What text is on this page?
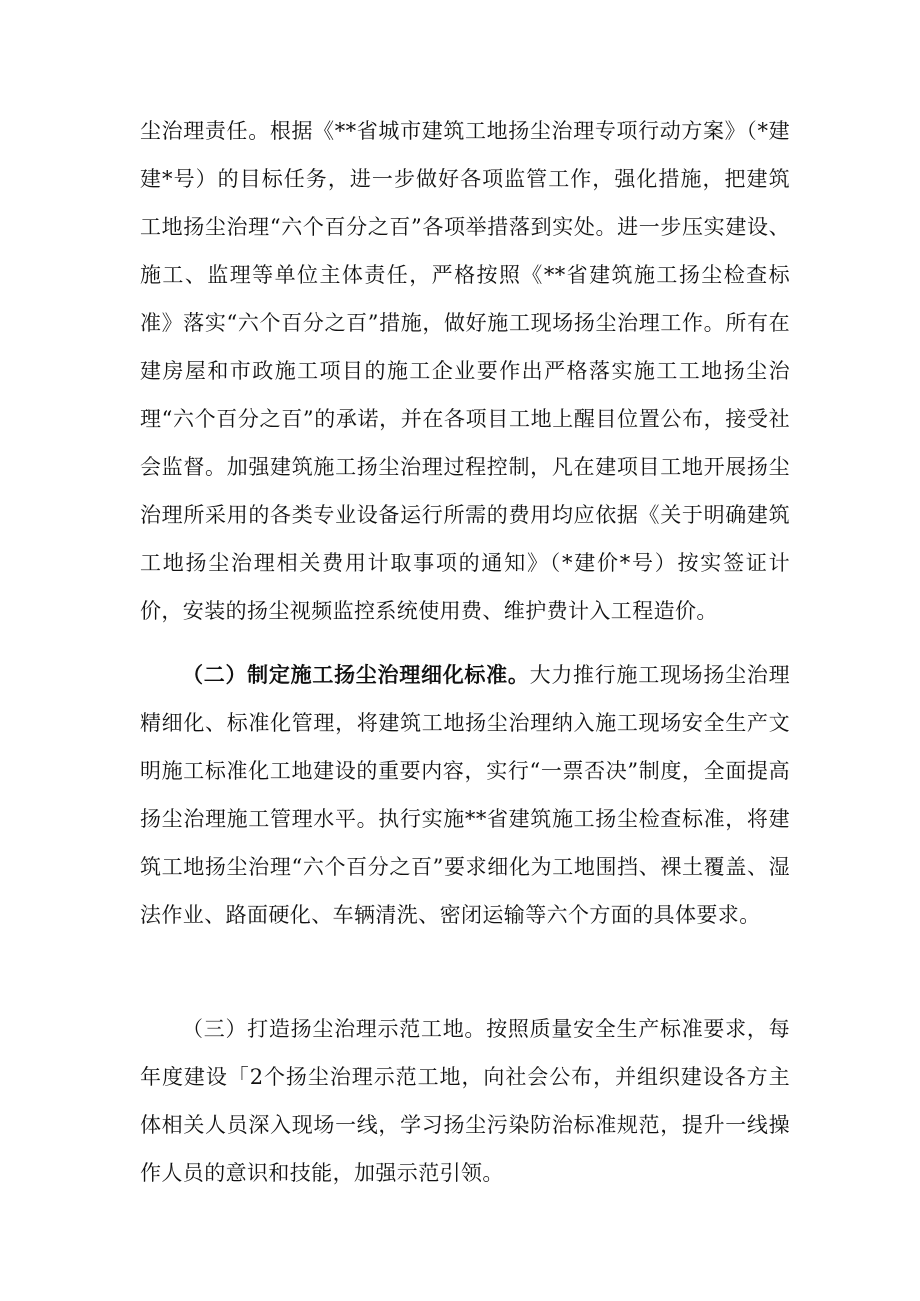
尘治理责任。根据《**省城市建筑工地扬尘治理专项行动方案》（*建建*号）的目标任务，进一步做好各项监管工作，强化措施，把建筑工地扬尘治理“六个百分之百”各项举措落到实处。进一步压实建设、施工、监理等单位主体责任，严格按照《**省建筑施工扬尘检查标准》落实“六个百分之百”措施，做好施工现场扬尘治理工作。所有在建房屋和市政施工项目的施工企业要作出严格落实施工工地扬尘治理“六个百分之百”的承诺，并在各项目工地上醒目位置公布，接受社会监督。加强建筑施工扬尘治理过程控制，凡在建项目工地开展扬尘治理所采用的各类专业设备运行所需的费用均应依据《关于明确建筑工地扬尘治理相关费用计取事项的通知》（*建价*号）按实签证计价，安装的扬尘视频监控系统使用费、维护费计入工程造价。
（二）制定施工扬尘治理细化标准。大力推行施工现场扬尘治理精细化、标准化管理，将建筑工地扬尘治理纳入施工现场安全生产文明施工标准化工地建设的重要内容，实行“一票否决”制度，全面提高扬尘治理施工管理水平。执行实施**省建筑施工扬尘检查标准，将建筑工地扬尘治理“六个百分之百”要求细化为工地围挡、裸土覆盖、湿法作业、路面硬化、车辆清洗、密闭运输等六个方面的具体要求。
（三）打造扬尘治理示范工地。按照质量安全生产标准要求，每年度建设「2个扬尘治理示范工地，向社会公布，并组织建设各方主体相关人员深入现场一线，学习扬尘污染防治标准规范，提升一线操作人员的意识和技能，加强示范引领。
